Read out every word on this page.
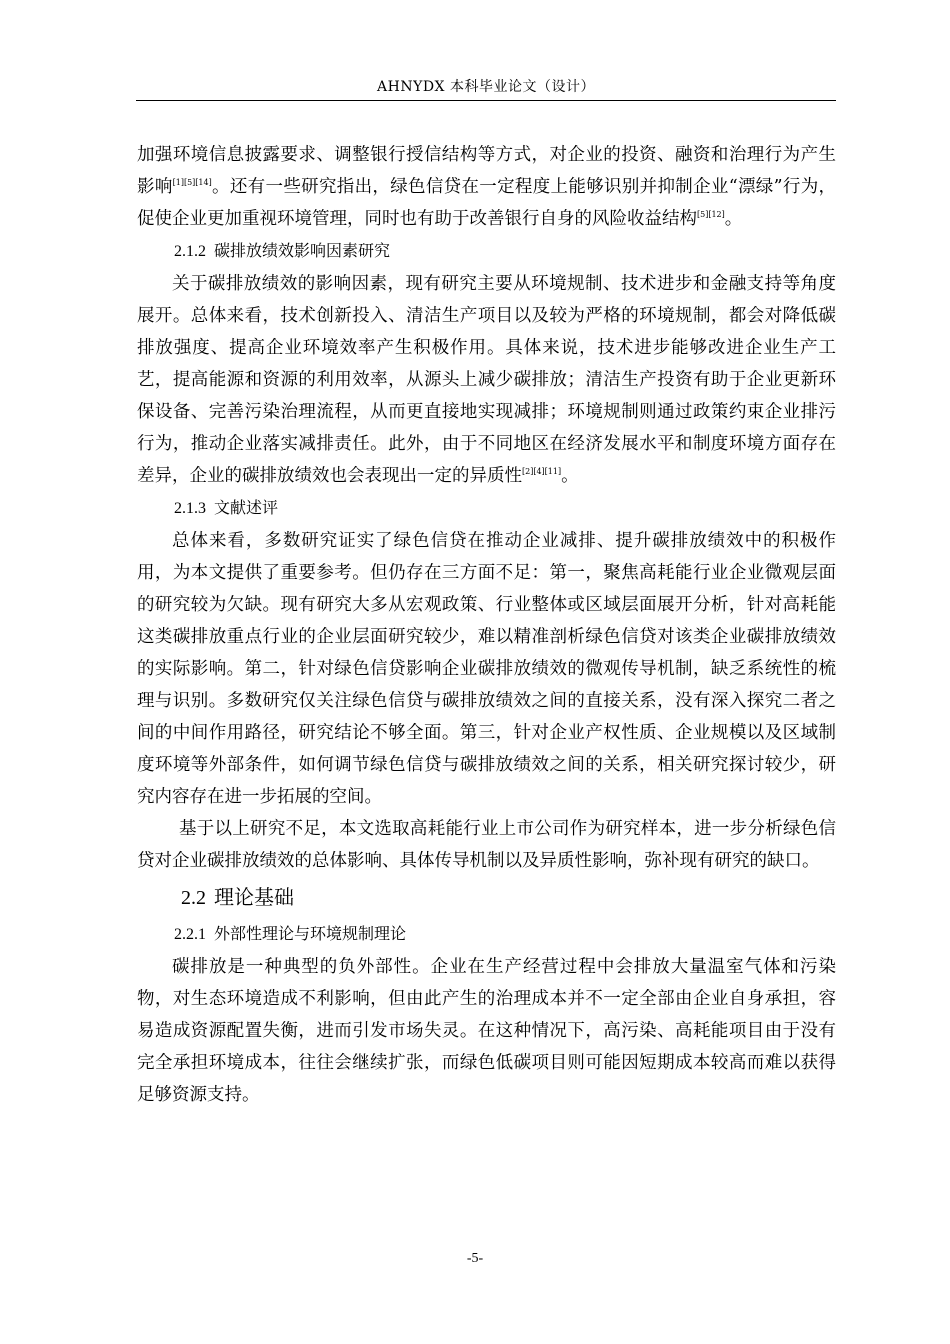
AHNYDX 本科毕业论文（设计）

加强环境信息披露要求、调整银行授信结构等方式，对企业的投资、融资和治理行为产生影响[1][5][14]。还有一些研究指出，绿色信贷在一定程度上能够识别并抑制企业“漂绿”行为，促使企业更加重视环境管理，同时也有助于改善银行自身的风险收益结构[5][12]。

2.1.2 碳排放绩效影响因素研究

关于碳排放绩效的影响因素，现有研究主要从环境规制、技术进步和金融支持等角度展开。总体来看，技术创新投入、清洁生产项目以及较为严格的环境规制，都会对降低碳排放强度、提高企业环境效率产生积极作用。具体来说，技术进步能够改进企业生产工艺，提高能源和资源的利用效率，从源头上减少碳排放；清洁生产投资有助于企业更新环保设备、完善污染治理流程，从而更直接地实现减排；环境规制则通过政策约束企业排污行为，推动企业落实减排责任。此外，由于不同地区在经济发展水平和制度环境方面存在差异，企业的碳排放绩效也会表现出一定的异质性[2][4][11]。

2.1.3 文献述评

总体来看，多数研究证实了绿色信贷在推动企业减排、提升碳排放绩效中的积极作用，为本文提供了重要参考。但仍存在三方面不足：第一，聚焦高耗能行业企业微观层面的研究较为欠缺。现有研究大多从宏观政策、行业整体或区域层面展开分析，针对高耗能这类碳排放重点行业的企业层面研究较少，难以精准剖析绿色信贷对该类企业碳排放绩效的实际影响。第二，针对绿色信贷影响企业碳排放绩效的微观传导机制，缺乏系统性的梳理与识别。多数研究仅关注绿色信贷与碳排放绩效之间的直接关系，没有深入探究二者之间的中间作用路径，研究结论不够全面。第三，针对企业产权性质、企业规模以及区域制度环境等外部条件，如何调节绿色信贷与碳排放绩效之间的关系，相关研究探讨较少，研究内容存在进一步拓展的空间。

基于以上研究不足，本文选取高耗能行业上市公司作为研究样本，进一步分析绿色信贷对企业碳排放绩效的总体影响、具体传导机制以及异质性影响，弥补现有研究的缺口。

2.2 理论基础
2.2.1 外部性理论与环境规制理论

碳排放是一种典型的负外部性。企业在生产经营过程中会排放大量温室气体和污染物，对生态环境造成不利影响，但由此产生的治理成本并不一定全部由企业自身承担，容易造成资源配置失衡，进而引发市场失灵。在这种情况下，高污染、高耗能项目由于没有完全承担环境成本，往往会继续扩张，而绿色低碳项目则可能因短期成本较高而难以获得足够资源支持。

-5-
